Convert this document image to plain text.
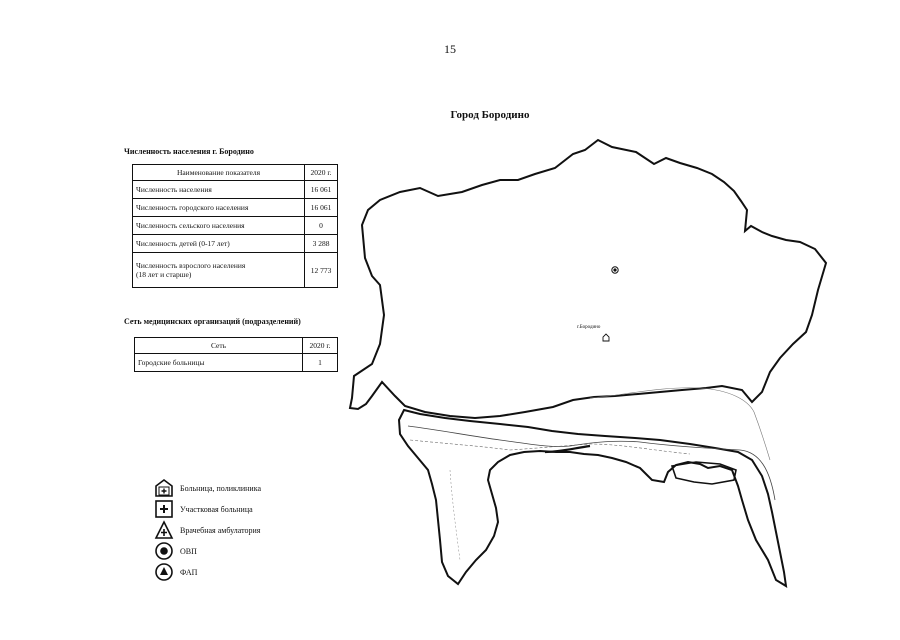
15
Город Бородино
Численность населения г. Бородино
Наименование показателя	2020 г.
Численность населения	16 061
Численность городского населения	16 061
Численность сельского населения	0
Численность детей (0-17 лет)	3 288

Численность взрослого населения
(18 лет и старше)	12 773
Сеть медицинских организаций (подразделений)
Сеть	2020 г.
Городские больницы	1
г.Бородино
Больница, поликлиника
Участковая больница
Врачебная амбулатория
ОВП
ФАП
